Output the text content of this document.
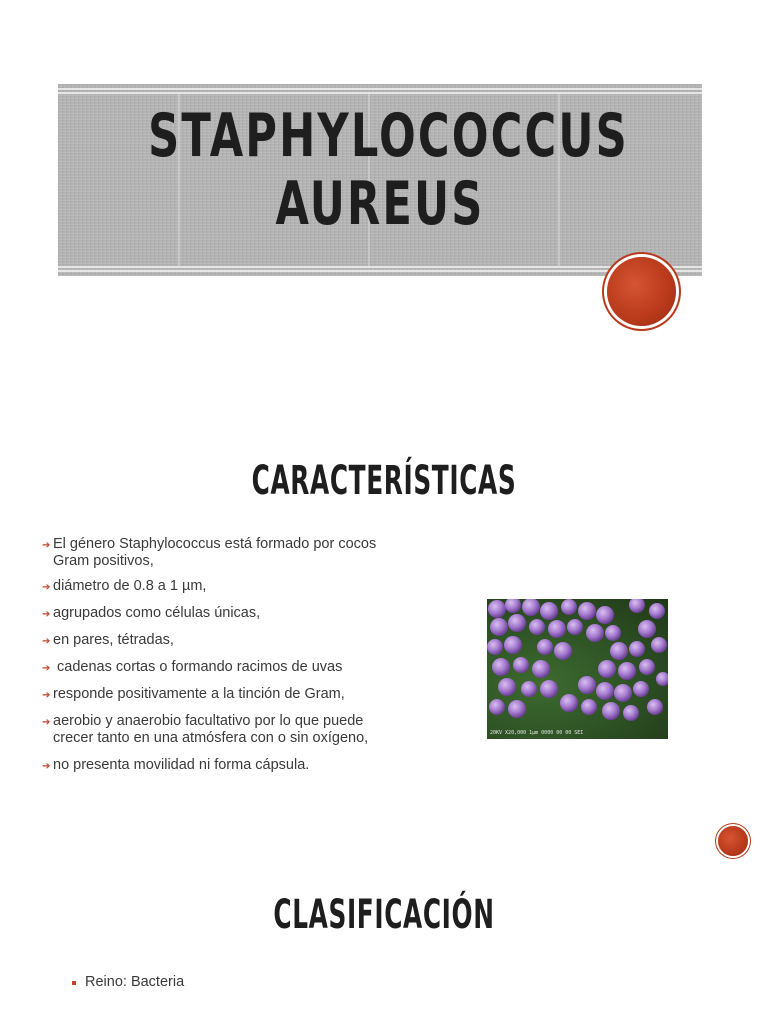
STAPHYLOCOCCUS
AUREUS
CARACTERÍSTICAS
➔ El género Staphylococcus está formado por cocos
Gram positivos,
➔ diámetro de 0.8 a 1 µm,
➔ agrupados como células únicas,
➔ en pares, tétradas,
➔ cadenas cortas o formando racimos de uvas
➔ responde positivamente a la tinción de Gram,
➔ aerobio y anaerobio facultativo por lo que puede
crecer tanto en una atmósfera con o sin oxígeno,
➔ no presenta movilidad ni forma cápsula.
20KV X20,000 1µm 0000 00 00 SEI
CLASIFICACIÓN
Reino: Bacteria
